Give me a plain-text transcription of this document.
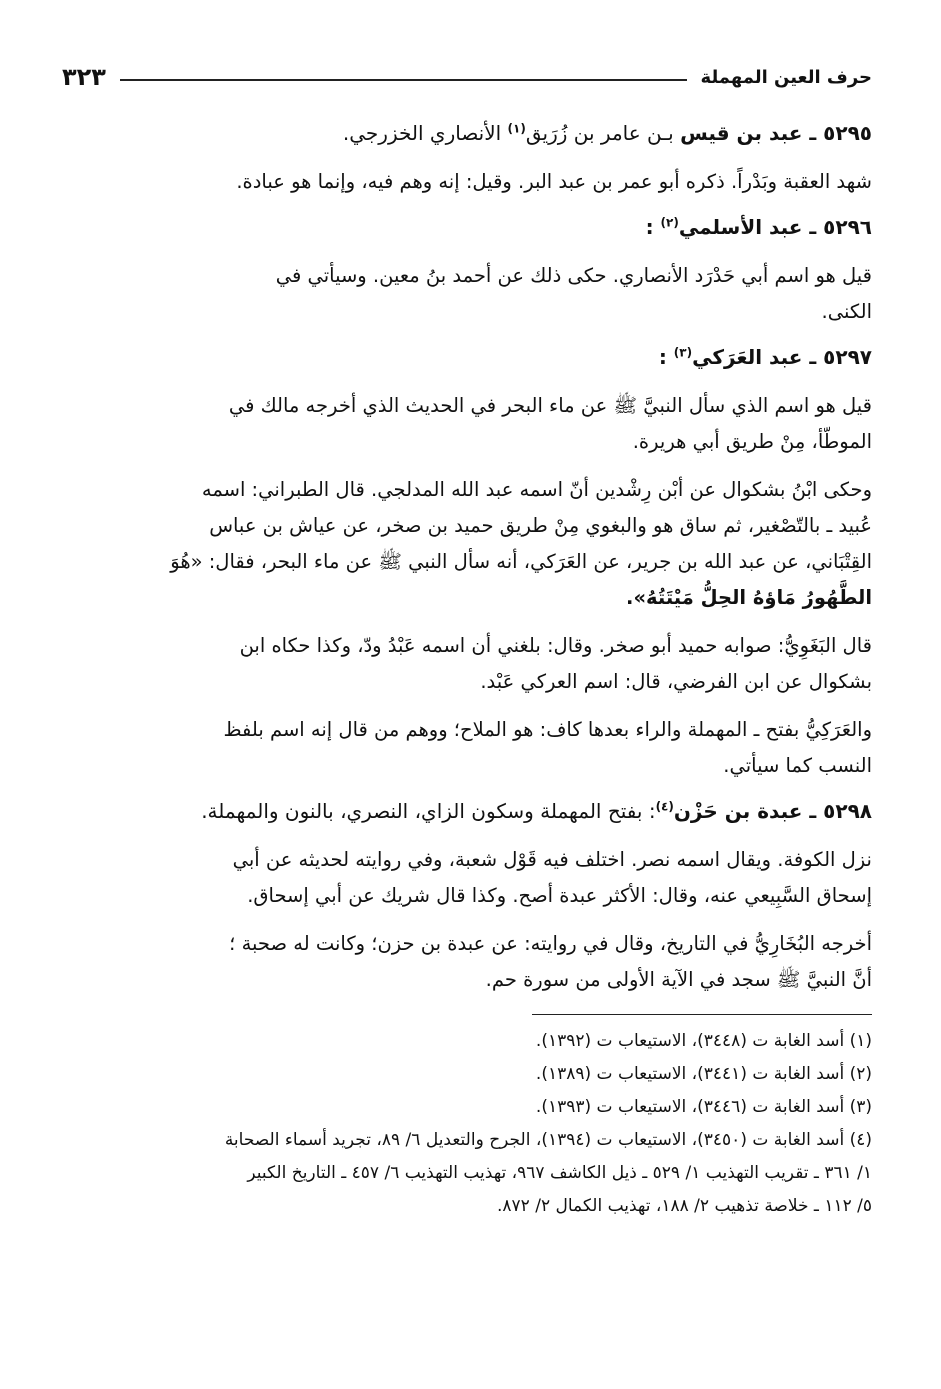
حرف العين المهملة
٣٢٣
٥٢٩٥ ـ عبد بن قيس بـن عامر بن زُرَيق$^{(١)}$ الأنصاري الخزرجي.
شهد العقبة وبَدْراً. ذكره أبو عمر بن عبد البر. وقيل: إنه وهم فيه، وإنما هو عبادة.
٥٢٩٦ ـ عبد الأسلمي$^{(٢)}$ :
قيل هو اسم أبي حَدْرَد الأنصاري. حكى ذلك عن أحمد بنُ معين. وسيأتي في
الكنى.
٥٢٩٧ ـ عبد العَرَكي$^{(٣)}$ :
قيل هو اسم الذي سأل النبيَّ ﷺ عن ماء البحر في الحديث الذي أخرجه مالك في
الموطّأ، مِنْ طريق أبي هريرة.
وحكى ابْنُ بشكوال عن أبْن رِشْدين أنّ اسمه عبد الله المدلجي. قال الطبراني: اسمه
عُبيد ـ بالتّصْغير، ثم ساق هو والبغوي مِنْ طريق حميد بن صخر، عن عياش بن عباس
القِتْبَاني، عن عبد الله بن جرير، عن العَرَكي، أنه سأل النبي ﷺ عن ماء البحر، فقال: «هُوَ
الطَّهُورُ مَاؤهُ الحِلُّ مَيْتَتُهُ».
قال البَغَوِيُّ: صوابه حميد أبو صخر. وقال: بلغني أن اسمه عَبْدُ ودّ، وكذا حكاه ابن
بشكوال عن ابن الفرضي، قال: اسم العركي عَبْد.
والعَرَكِيُّ بفتح ـ المهملة والراء بعدها كاف: هو الملاح؛ ووهم من قال إنه اسم بلفظ
النسب كما سيأتي.
٥٢٩٨ ـ عبدة بن حَزْن$^{(٤)}$: بفتح المهملة وسكون الزاي، النصري، بالنون والمهملة.
نزل الكوفة. ويقال اسمه نصر. اختلف فيه قَوْل شعبة، وفي روايته لحديثه عن أبي
إسحاق السَّبِيعي عنه، وقال: الأكثر عبدة أصح. وكذا قال شريك عن أبي إسحاق.
أخرجه البُخَارِيُّ في التاريخ، وقال في روايته: عن عبدة بن حزن؛ وكانت له صحبة ؛
أنَّ النبيَّ ﷺ سجد في الآية الأولى من سورة حم.
(١) أسد الغابة ت (٣٤٤٨)، الاستيعاب ت (١٣٩٢).
(٢) أسد الغابة ت (٣٤٤١)، الاستيعاب ت (١٣٨٩).
(٣) أسد الغابة ت (٣٤٤٦)، الاستيعاب ت (١٣٩٣).
(٤) أسد الغابة ت (٣٤٥٠)، الاستيعاب ت (١٣٩٤)، الجرح والتعديل ٦/ ٨٩، تجريد أسماء الصحابة
١/ ٣٦١ ـ تقريب التهذيب ١/ ٥٢٩ ـ ذيل الكاشف ٩٦٧، تهذيب التهذيب ٦/ ٤٥٧ ـ التاريخ الكبير
٥/ ١١٢ ـ خلاصة تذهيب ٢/ ١٨٨، تهذيب الكمال ٢/ ٨٧٢.
